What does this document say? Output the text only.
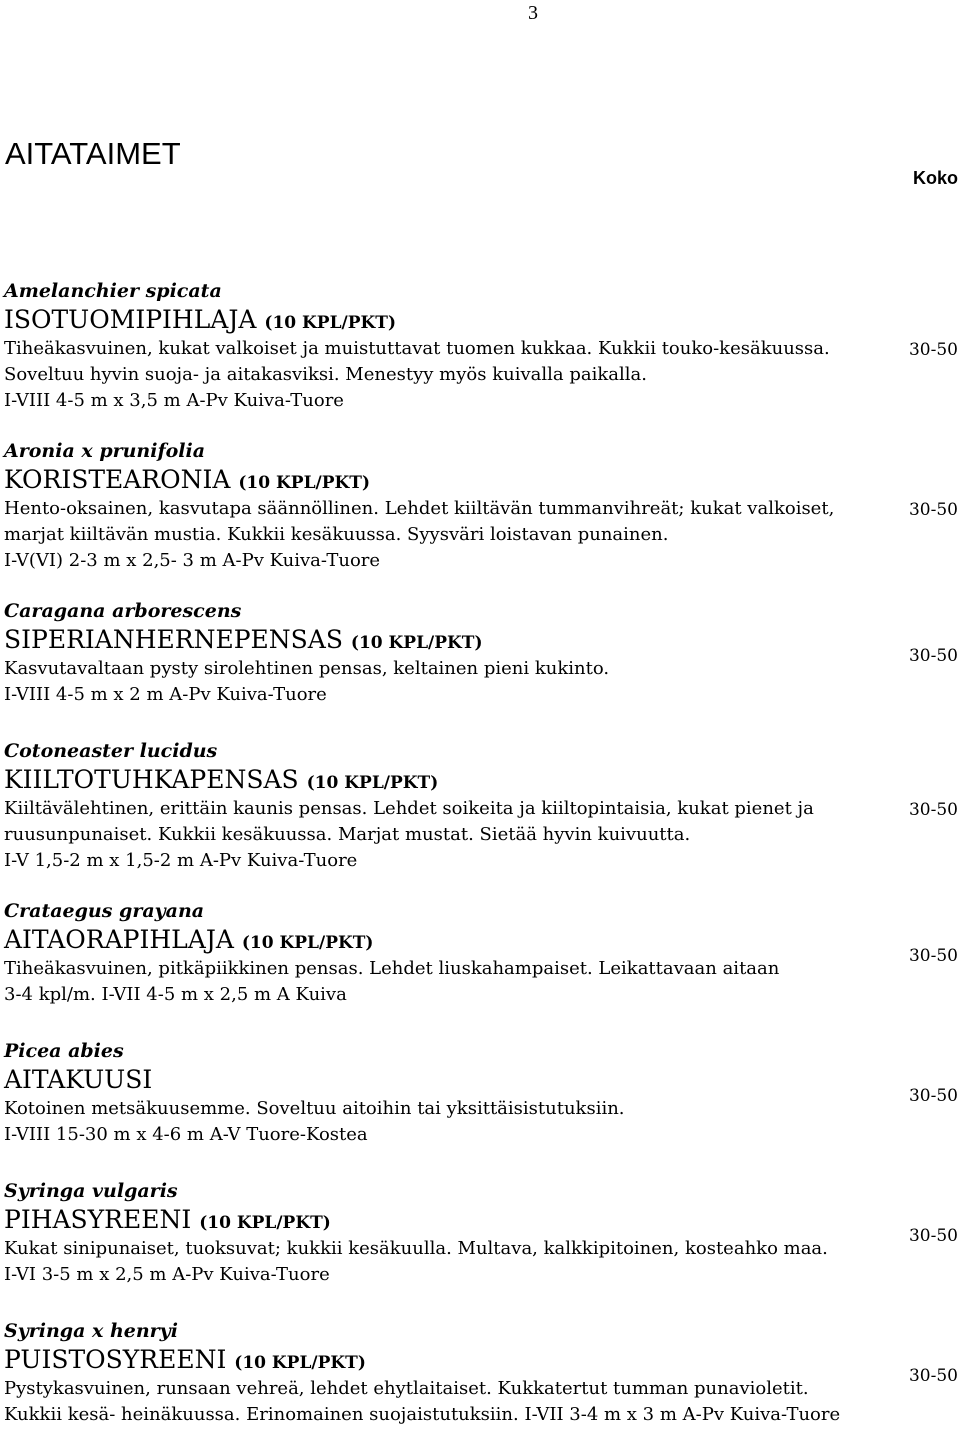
3
AITATAIMET
Koko
Amelanchier spicata
ISOTUOMIPIHLAJA (10 KPL/PKT)
Tiheäkasvuinen, kukat valkoiset ja muistuttavat tuomen kukkaa. Kukkii touko-kesäkuussa.
Soveltuu hyvin suoja- ja aitakasviksi. Menestyy myös kuivalla paikalla.
I-VIII 4-5 m x 3,5 m A-Pv Kuiva-Tuore
30-50
Aronia x prunifolia
KORISTEARONIA (10 KPL/PKT)
Hento-oksainen, kasvutapa säännöllinen. Lehdet kiiltävän tummanvihreät; kukat valkoiset,
marjat kiiltävän mustia. Kukkii kesäkuussa. Syysväri loistavan punainen.
I-V(VI) 2-3 m x 2,5- 3 m A-Pv Kuiva-Tuore
30-50
Caragana arborescens
SIPERIANHERNEPENSAS (10 KPL/PKT)
Kasvutavaltaan pysty sirolehtinen pensas, keltainen pieni kukinto.
I-VIII 4-5 m x 2 m A-Pv Kuiva-Tuore
30-50
Cotoneaster lucidus
KIILTOTUHKAPENSAS (10 KPL/PKT)
Kiiltävälehtinen, erittäin kaunis pensas. Lehdet soikeita ja kiiltopintaisia, kukat pienet ja
ruusunpunaiset. Kukkii kesäkuussa. Marjat mustat. Sietää hyvin kuivuutta.
I-V 1,5-2 m x 1,5-2 m A-Pv Kuiva-Tuore
30-50
Crataegus grayana
AITAORAPIHLAJA (10 KPL/PKT)
Tiheäkasvuinen, pitkäpiikkinen pensas. Lehdet liuskahampaiset. Leikattavaan aitaan
3-4 kpl/m. I-VII 4-5 m x 2,5 m A Kuiva
30-50
Picea abies
AITAKUUSI
Kotoinen metsäkuusemme. Soveltuu aitoihin tai yksittäisistutuksiin.
I-VIII 15-30 m x 4-6 m A-V Tuore-Kostea
30-50
Syringa vulgaris
PIHASYREENI (10 KPL/PKT)
Kukat sinipunaiset, tuoksuvat; kukkii kesäkuulla. Multava, kalkkipitoinen, kosteahko maa.
I-VI 3-5 m x 2,5 m A-Pv Kuiva-Tuore
30-50
Syringa x henryi
PUISTOSYREENI (10 KPL/PKT)
Pystykasvuinen, runsaan vehreä, lehdet ehytlaitaiset. Kukkatertut tumman punavioletit.
Kukkii kesä- heinäkuussa. Erinomainen suojaistutuksiin. I-VII 3-4 m x 3 m A-Pv Kuiva-Tuore
30-50
